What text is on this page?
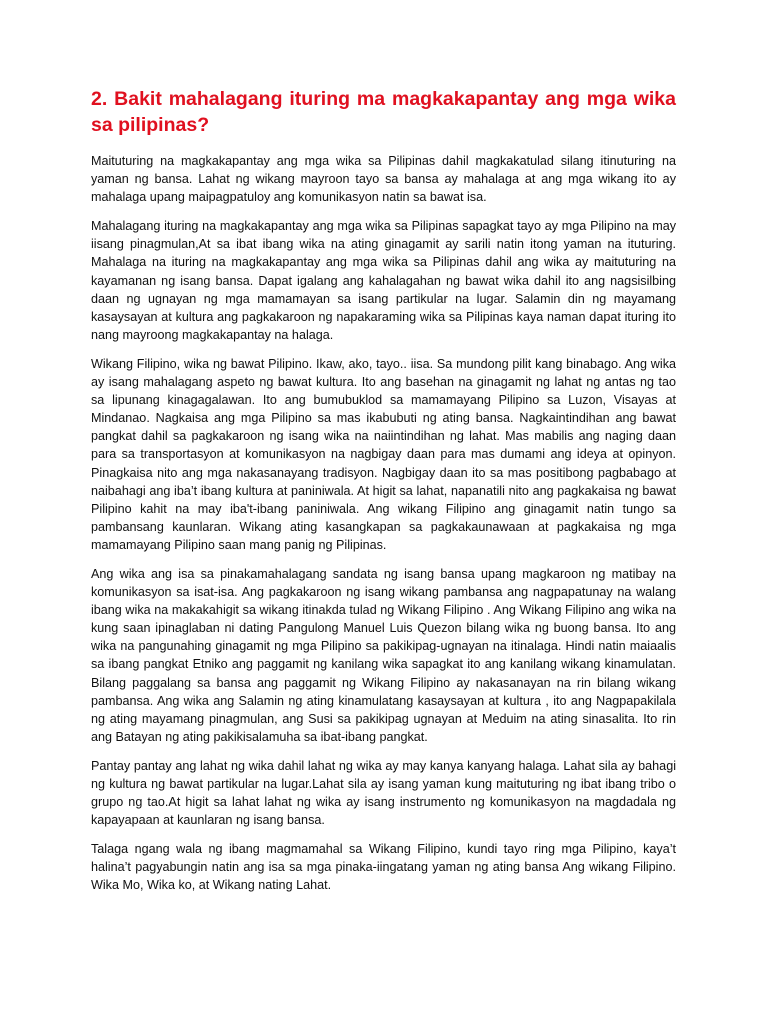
2. Bakit mahalagang ituring ma magkakapantay ang mga wika sa pilipinas?

Maituturing na magkakapantay ang mga wika sa Pilipinas dahil magkakatulad silang itinuturing na yaman ng bansa. Lahat ng wikang mayroon tayo sa bansa ay mahalaga at ang mga wikang ito ay mahalaga upang maipagpatuloy ang komunikasyon natin sa bawat isa.

Mahalagang ituring na magkakapantay ang mga wika sa Pilipinas sapagkat tayo ay mga Pilipino na may iisang pinagmulan,At sa ibat ibang wika na ating ginagamit ay sarili natin itong yaman na ituturing. Mahalaga na ituring na magkakapantay ang mga wika sa Pilipinas dahil ang wika ay maituturing na kayamanan ng isang bansa. Dapat igalang ang kahalagahan ng bawat wika dahil ito ang nagsisilbing daan ng ugnayan ng mga mamamayan sa isang partikular na lugar. Salamin din ng mayamang kasaysayan at kultura ang pagkakaroon ng napakaraming wika sa Pilipinas kaya naman dapat ituring ito nang mayroong magkakapantay na halaga.

Wikang Filipino, wika ng bawat Pilipino. Ikaw, ako, tayo.. iisa. Sa mundong pilit kang binabago. Ang wika ay isang mahalagang aspeto ng bawat kultura. Ito ang basehan na ginagamit ng lahat ng antas ng tao sa lipunang kinagagalawan. Ito ang bumubuklod sa mamamayang Pilipino sa Luzon, Visayas at Mindanao. Nagkaisa ang mga Pilipino sa mas ikabubuti ng ating bansa. Nagkaintindihan ang bawat pangkat dahil sa pagkakaroon ng isang wika na naiintindihan ng lahat. Mas mabilis ang naging daan para sa transportasyon at komunikasyon na nagbigay daan para mas dumami ang ideya at opinyon. Pinagkaisa nito ang mga nakasanayang tradisyon. Nagbigay daan ito sa mas positibong pagbabago at naibahagi ang iba’t ibang kultura at paniniwala. At higit sa lahat, napanatili nito ang pagkakaisa ng bawat Pilipino kahit na may iba't-ibang paniniwala. Ang wikang Filipino ang ginagamit natin tungo sa pambansang kaunlaran. Wikang ating kasangkapan sa pagkakaunawaan at pagkakaisa ng mga mamamayang Pilipino saan mang panig ng Pilipinas.

Ang wika ang isa sa pinakamahalagang sandata ng isang bansa upang magkaroon ng matibay na komunikasyon sa isat-isa. Ang pagkakaroon ng isang wikang pambansa ang nagpapatunay na walang ibang wika na makakahigit sa wikang itinakda tulad ng Wikang Filipino . Ang Wikang Filipino ang wika na kung saan ipinaglaban ni dating Pangulong Manuel Luis Quezon bilang wika ng buong bansa. Ito ang wika na pangunahing ginagamit ng mga Pilipino sa pakikipag-ugnayan na itinalaga. Hindi natin maiaalis sa ibang pangkat Etniko ang paggamit ng kanilang wika sapagkat ito ang kanilang wikang kinamulatan. Bilang paggalang sa bansa ang paggamit ng Wikang Filipino ay nakasanayan na rin bilang wikang pambansa. Ang wika ang Salamin ng ating kinamulatang kasaysayan at kultura , ito ang Nagpapakilala ng ating mayamang pinagmulan, ang Susi sa pakikipag ugnayan at Meduim na ating sinasalita. Ito rin ang Batayan ng ating pakikisalamuha sa ibat-ibang pangkat.

Pantay pantay ang lahat ng wika dahil lahat ng wika ay may kanya kanyang halaga. Lahat sila ay bahagi ng kultura ng bawat partikular na lugar.Lahat sila ay isang yaman kung maituturing ng ibat ibang tribo o grupo ng tao.At higit sa lahat lahat ng wika ay isang instrumento ng komunikasyon na magdadala ng kapayapaan at kaunlaran ng isang bansa.

Talaga ngang wala ng ibang magmamahal sa Wikang Filipino, kundi tayo ring mga Pilipino, kaya’t halina’t pagyabungin natin ang isa sa mga pinaka-iingatang yaman ng ating bansa Ang wikang Filipino. Wika Mo, Wika ko, at Wikang nating Lahat.
